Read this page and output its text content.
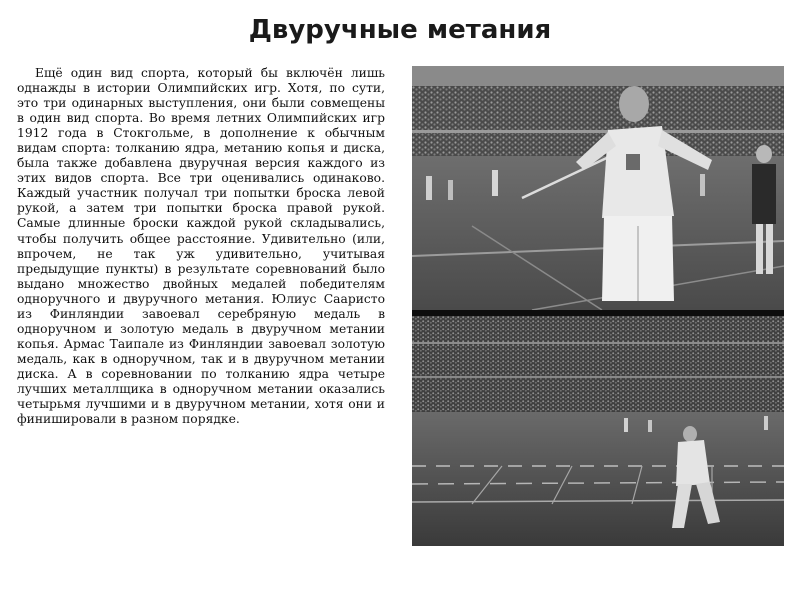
Двуручные метания
Ещё один вид спорта, который бы включён лишь однажды в истории Олимпийских игр. Хотя, по сути, это три одинарных выступления, они были совмещены в один вид спорта. Во время летних Олимпийских игр 1912 года в Стокгольме, в дополнение к обычным видам спорта: толканию ядра, метанию копья и диска, была также добавлена двуручная версия каждого из этих видов спорта. Все три оценивались одинаково. Каждый участник получал три попытки броска левой рукой, а затем три попытки броска правой рукой. Самые длинные броски каждой рукой складывались, чтобы получить общее расстояние. Удивительно (или, впрочем, не так уж удивительно, учитывая предыдущие пункты) в результате соревнований было выдано множество двойных медалей победителям одноручного и двуручного метания. Юлиус Саaристо из Финляндии завоевал серебряную медаль в одноручном и золотую медаль в двуручном метании копья. Армас Таипале из Финляндии завоевал золотую медаль, как в одноручном, так и в двуручном метании диска. А в соревновании по толканию ядра четыре лучших металлщика в одноручном метании оказались четырьмя лучшими и в двуручном метании, хотя они и финишировали в разном порядке.
